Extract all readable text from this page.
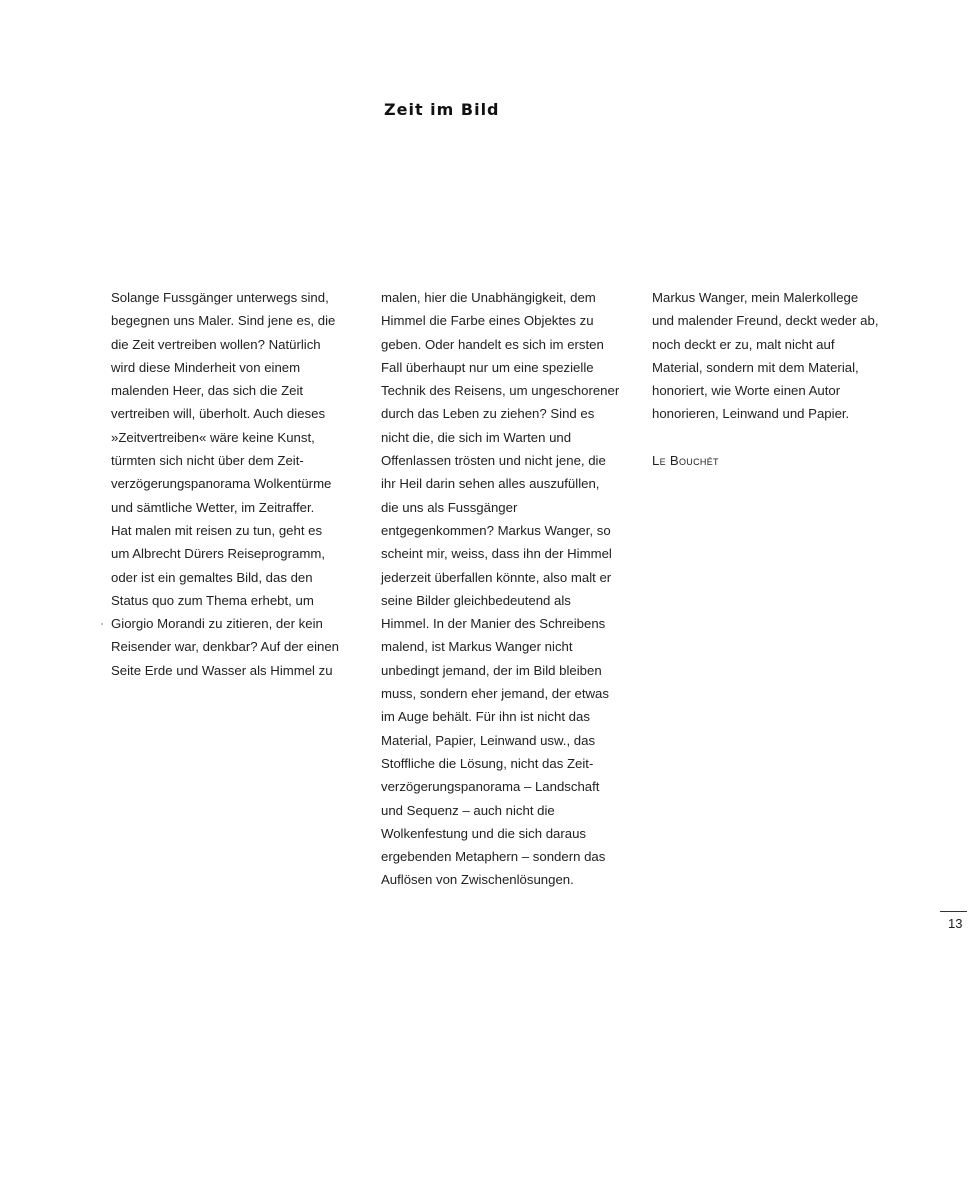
Zeit im Bild
Solange Fussgänger unterwegs sind,
begegnen uns Maler. Sind jene es, die
die Zeit vertreiben wollen? Natürlich
wird diese Minderheit von einem
malenden Heer, das sich die Zeit
vertreiben will, überholt. Auch dieses
»Zeitvertreiben« wäre keine Kunst,
türmten sich nicht über dem Zeit-
verzögerungspanorama Wolkentürme
und sämtliche Wetter, im Zeitraffer.
Hat malen mit reisen zu tun, geht es
um Albrecht Dürers Reiseprogramm,
oder ist ein gemaltes Bild, das den
Status quo zum Thema erhebt, um
Giorgio Morandi zu zitieren, der kein
Reisender war, denkbar? Auf der einen
Seite Erde und Wasser als Himmel zu
malen, hier die Unabhängigkeit, dem
Himmel die Farbe eines Objektes zu
geben. Oder handelt es sich im ersten
Fall überhaupt nur um eine spezielle
Technik des Reisens, um ungeschorener
durch das Leben zu ziehen? Sind es
nicht die, die sich im Warten und
Offenlassen trösten und nicht jene, die
ihr Heil darin sehen alles auszufüllen,
die uns als Fussgänger
entgegenkommen? Markus Wanger, so
scheint mir, weiss, dass ihn der Himmel
jederzeit überfallen könnte, also malt er
seine Bilder gleichbedeutend als
Himmel. In der Manier des Schreibens
malend, ist Markus Wanger nicht
unbedingt jemand, der im Bild bleiben
muss, sondern eher jemand, der etwas
im Auge behält. Für ihn ist nicht das
Material, Papier, Leinwand usw., das
Stoffliche die Lösung, nicht das Zeit-
verzögerungspanorama – Landschaft
und Sequenz – auch nicht die
Wolkenfestung und die sich daraus
ergebenden Metaphern – sondern das
Auflösen von Zwischenlösungen.
Markus Wanger, mein Malerkollege
und malender Freund, deckt weder ab,
noch deckt er zu, malt nicht auf
Material, sondern mit dem Material,
honoriert, wie Worte einen Autor
honorieren, Leinwand und Papier.
Le Bouchét
13
